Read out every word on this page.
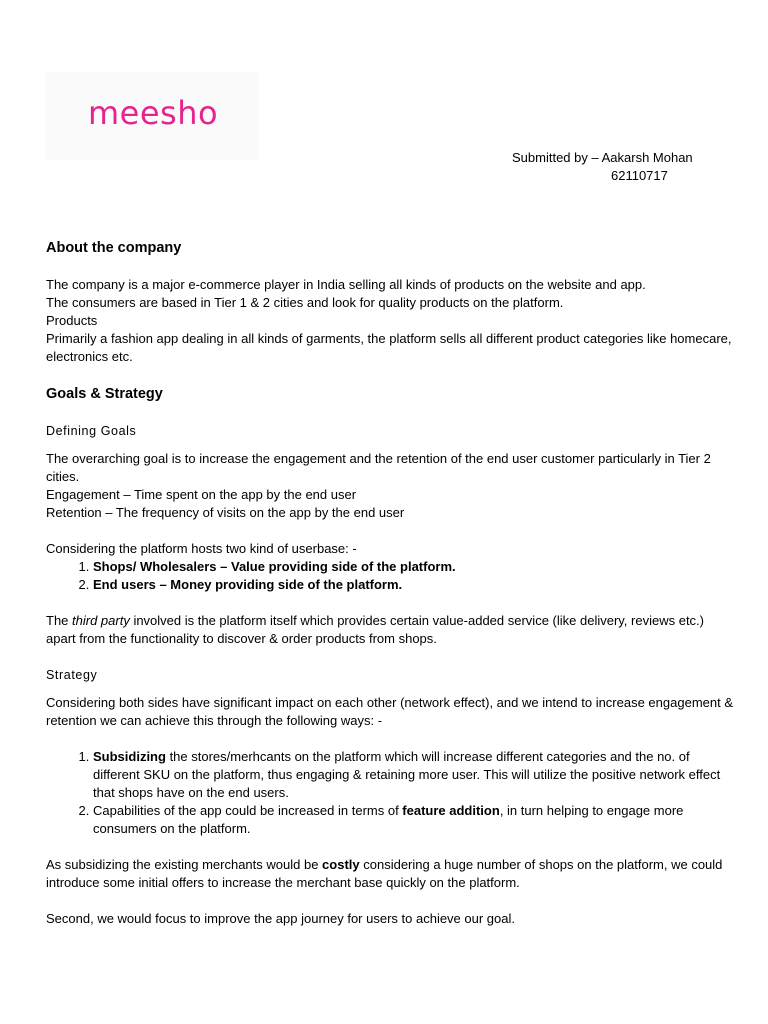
meesho
Submitted by – Aakarsh Mohan
62110717
About the company

The company is a major e-commerce player in India selling all kinds of products on the website and app.

The consumers are based in Tier 1 & 2 cities and look for quality products on the platform.

Products

Primarily a fashion app dealing in all kinds of garments, the platform sells all different product categories like homecare, electronics etc.

Goals & Strategy
Defining Goals

The overarching goal is to increase the engagement and the retention of the end user customer particularly in Tier 2 cities.

Engagement – Time spent on the app by the end user

Retention – The frequency of visits on the app by the end user

Considering the platform hosts two kind of userbase: -

1. Shops/ Wholesalers – Value providing side of the platform.
2. End users – Money providing side of the platform.

The third party involved is the platform itself which provides certain value-added service (like delivery, reviews etc.) apart from the functionality to discover & order products from shops.

Strategy

Considering both sides have significant impact on each other (network effect), and we intend to increase engagement & retention we can achieve this through the following ways: -

1. Subsidizing the stores/merhcants on the platform which will increase different categories and the no. of different SKU on the platform, thus engaging & retaining more user. This will utilize the positive network effect that shops have on the end users.
2. Capabilities of the app could be increased in terms of feature addition, in turn helping to engage more consumers on the platform.

As subsidizing the existing merchants would be costly considering a huge number of shops on the platform, we could introduce some initial offers to increase the merchant base quickly on the platform.

Second, we would focus to improve the app journey for users to achieve our goal.
